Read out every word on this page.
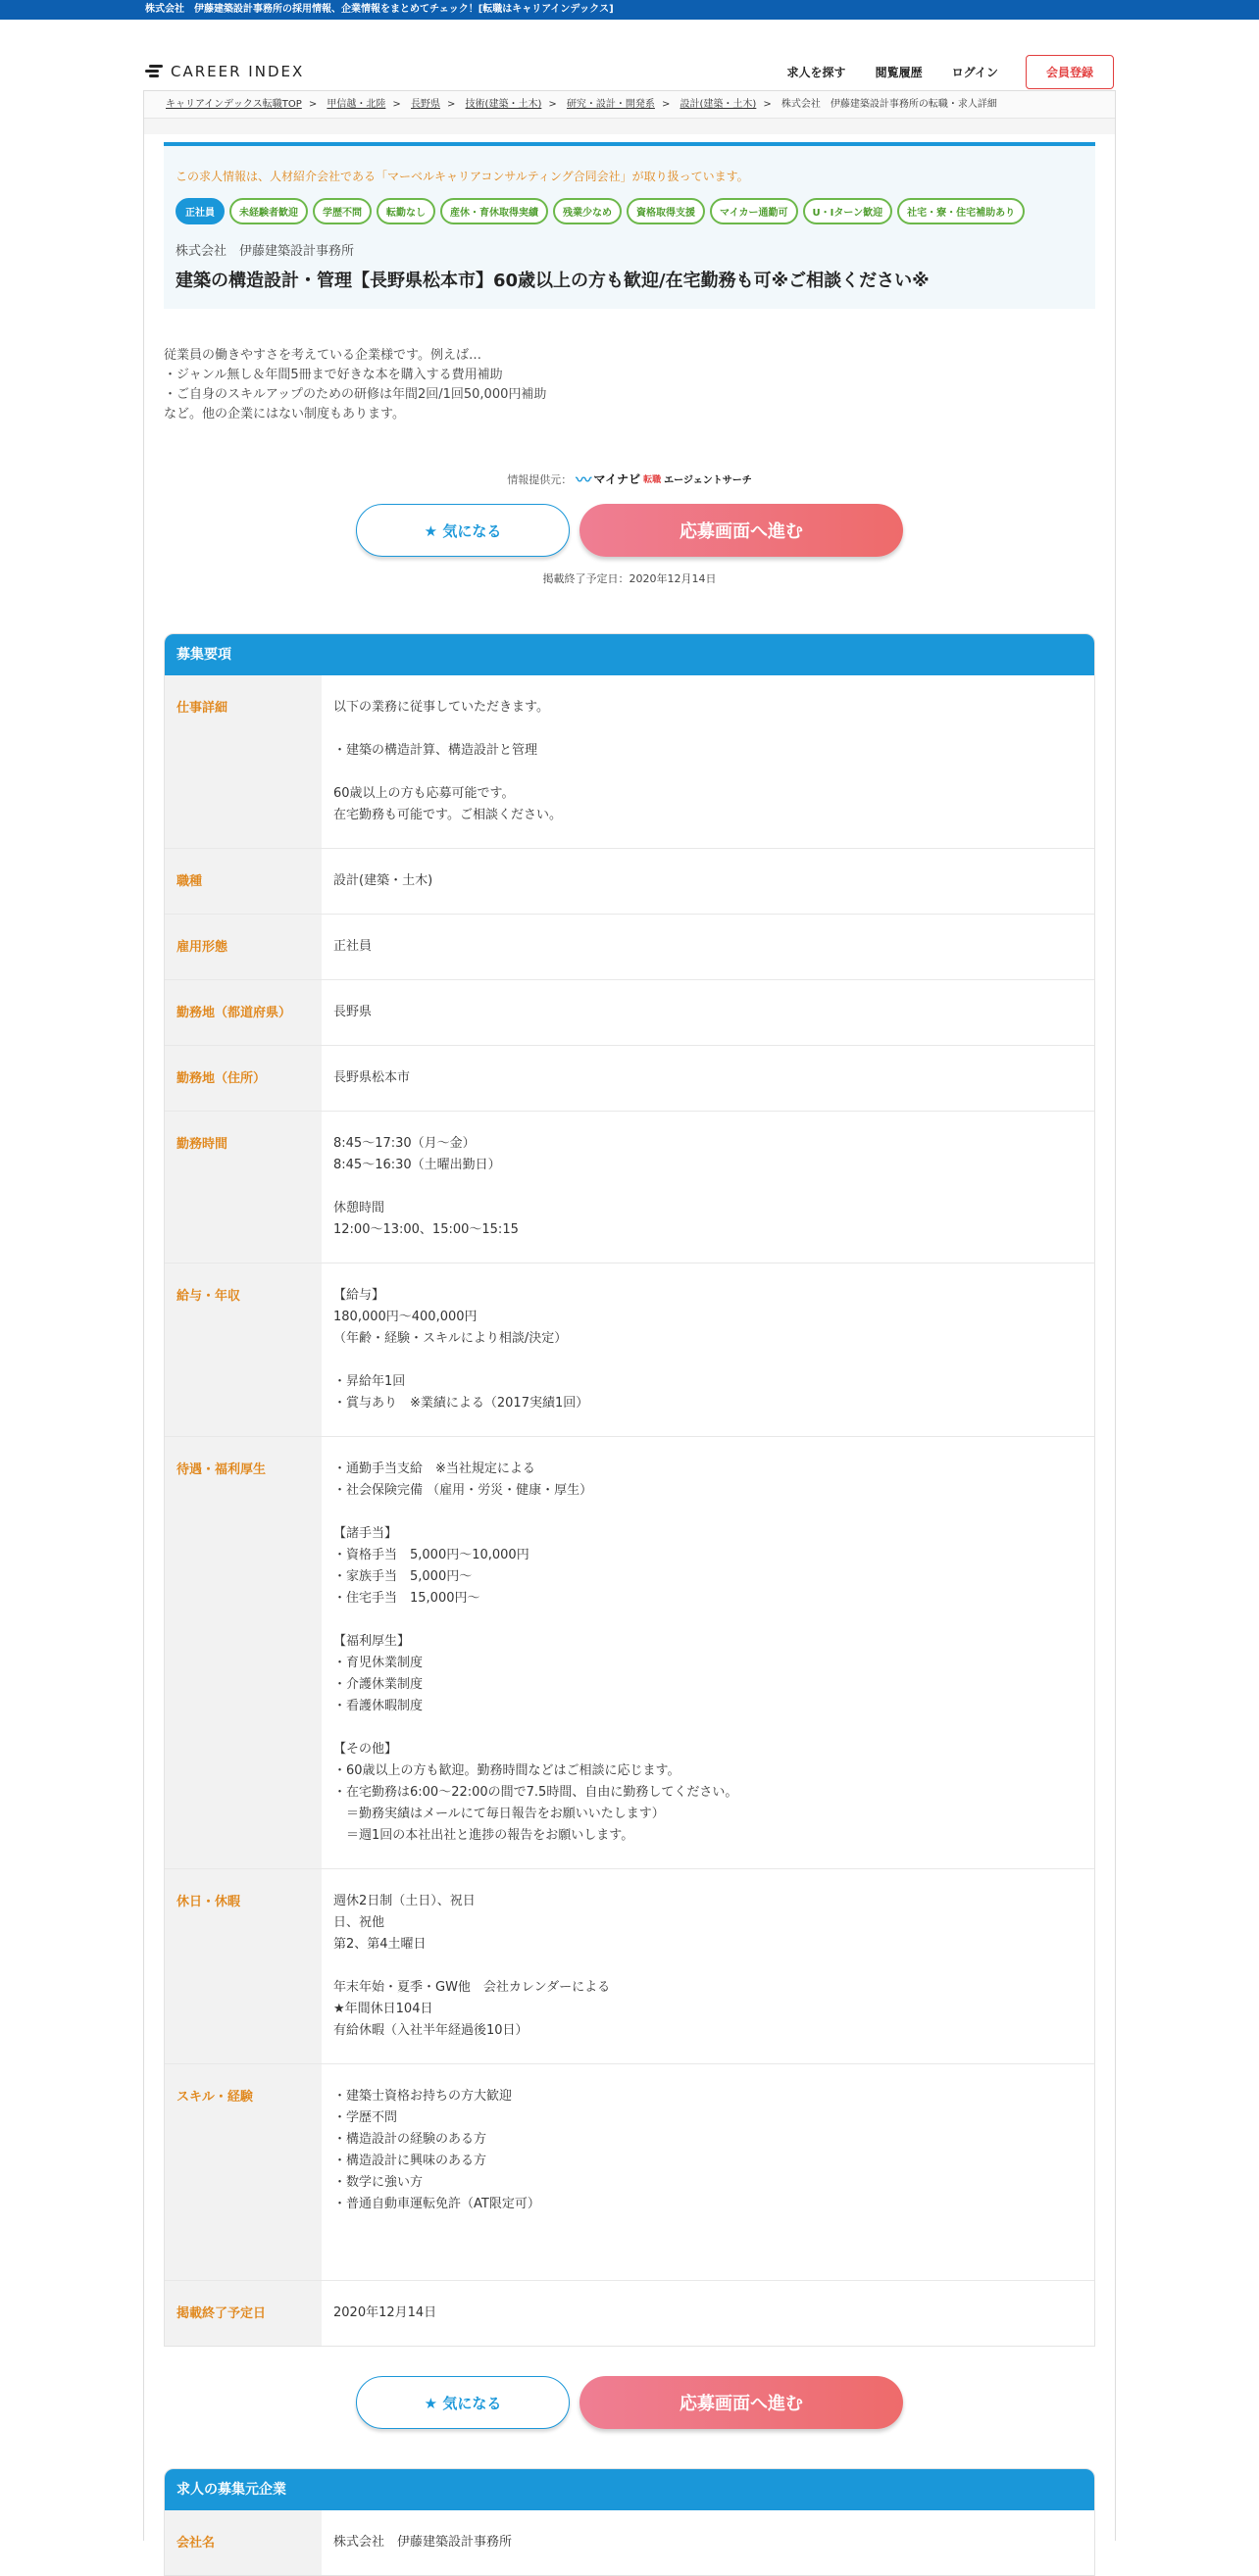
株式会社　伊藤建築設計事務所の採用情報、企業情報をまとめてチェック！[転職はキャリアインデックス]
CAREER INDEX	求人を探す	閲覧履歴	ログイン	会員登録
キャリアインデックス転職TOP > 甲信越・北陸 > 長野県 > 技術(建築・土木) > 研究・設計・開発系 > 設計(建築・土木) > 株式会社　伊藤建築設計事務所の転職・求人詳細
この求人情報は、人材紹介会社である「マーベルキャリアコンサルティング合同会社」が取り扱っています。
正社員	未経験者歓迎	学歴不問	転勤なし	産休・育休取得実績	残業少なめ	資格取得支援	マイカー通勤可	U・Iターン歓迎	社宅・寮・住宅補助あり
株式会社　伊藤建築設計事務所
建築の構造設計・管理【長野県松本市】60歳以上の方も歓迎/在宅勤務も可※ご相談ください※
従業員の働きやすさを考えている企業様です。例えば…
・ジャンル無し＆年間5冊まで好きな本を購入する費用補助
・ご自身のスキルアップのための研修は年間2回/1回50,000円補助
など。他の企業にはない制度もあります。
情報提供元： 〰 マイナビ 転職 エージェントサーチ
★ 気になる	応募画面へ進む
掲載終了予定日：2020年12月14日
募集要項
仕事詳細	以下の業務に従事していただきます。

・建築の構造計算、構造設計と管理

60歳以上の方も応募可能です。
在宅勤務も可能です。ご相談ください。
職種	設計(建築・土木)
雇用形態	正社員
勤務地（都道府県）	長野県
勤務地（住所）	長野県松本市
勤務時間	8:45～17:30（月～金）
8:45～16:30（土曜出勤日）

休憩時間
12:00～13:00、15:00～15:15
給与・年収	【給与】
180,000円～400,000円
（年齢・経験・スキルにより相談/決定）

・昇給年1回
・賞与あり　※業績による（2017実績1回）
待遇・福利厚生	・通勤手当支給　※当社規定による
・社会保険完備 （雇用・労災・健康・厚生）

【諸手当】
・資格手当　5,000円～10,000円
・家族手当　5,000円～
・住宅手当　15,000円～

【福利厚生】
・育児休業制度
・介護休業制度
・看護休暇制度

【その他】
・60歳以上の方も歓迎。勤務時間などはご相談に応じます。
・在宅勤務は6:00～22:00の間で7.5時間、自由に勤務してください。
　＝勤務実績はメールにて毎日報告をお願いいたします）
　＝週1回の本社出社と進捗の報告をお願いします。
休日・休暇	週休2日制（土日）、祝日
日、祝他
第2、第4土曜日

年末年始・夏季・GW他　会社カレンダーによる
★年間休日104日
有給休暇（入社半年経過後10日）
スキル・経験	・建築士資格お持ちの方大歓迎
・学歴不問
・構造設計の経験のある方
・構造設計に興味のある方
・数学に強い方
・普通自動車運転免許（AT限定可）

掲載終了予定日	2020年12月14日
★ 気になる	応募画面へ進む
求人の募集元企業
会社名	株式会社　伊藤建築設計事務所
